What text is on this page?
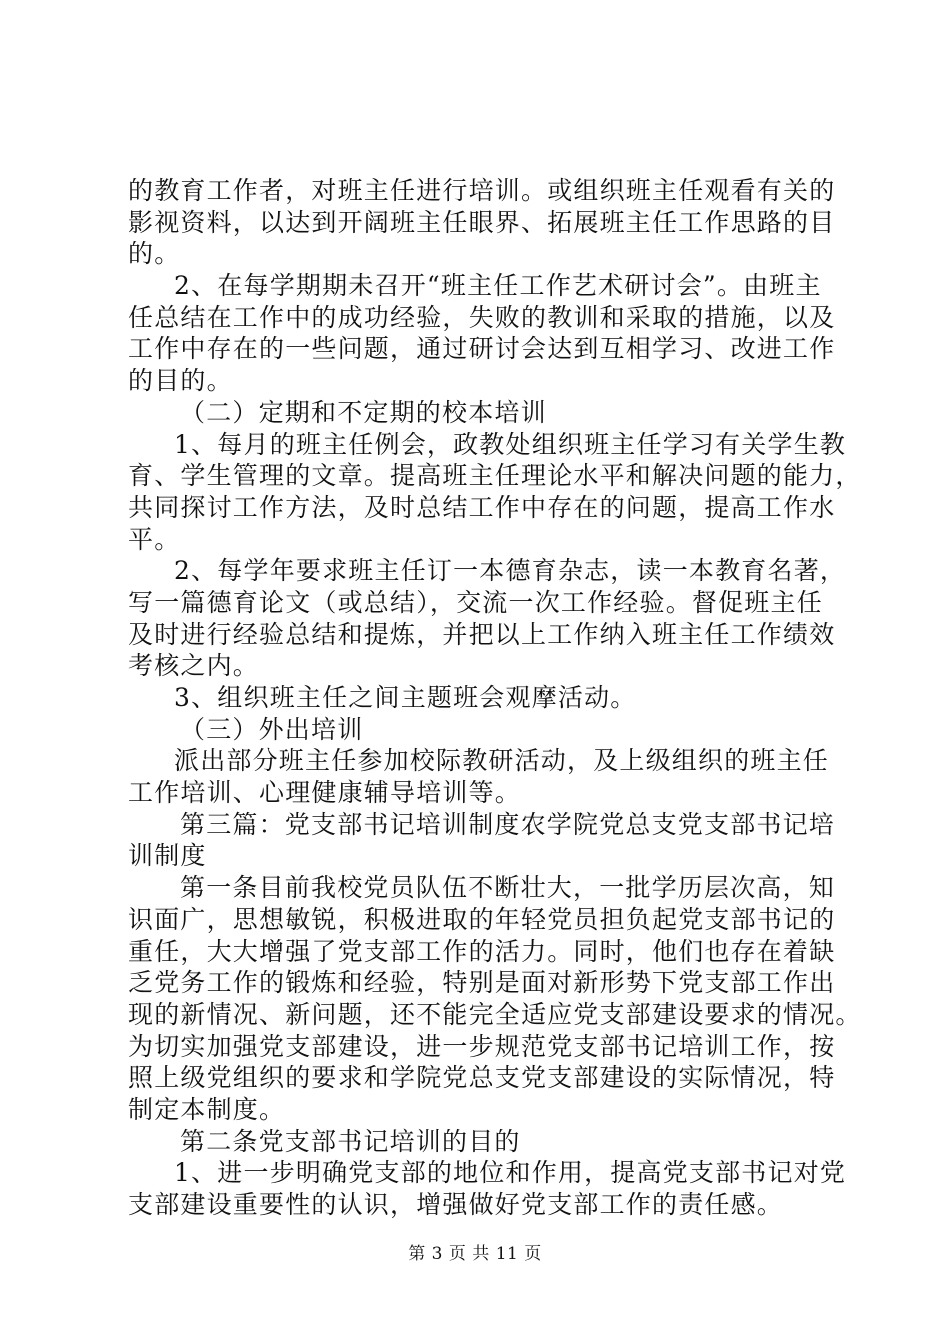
的教育工作者，对班主任进行培训。或组织班主任观看有关的
影视资料，以达到开阔班主任眼界、拓展班主任工作思路的目
的。
2、在每学期期未召开“班主任工作艺术研讨会”。由班主
任总结在工作中的成功经验，失败的教训和采取的措施，以及
工作中存在的一些问题，通过研讨会达到互相学习、改进工作
的目的。
（二）定期和不定期的校本培训
1、每月的班主任例会，政教处组织班主任学习有关学生教
育、学生管理的文章。提高班主任理论水平和解决问题的能力，
共同探讨工作方法，及时总结工作中存在的问题，提高工作水
平。
2、每学年要求班主任订一本德育杂志，读一本教育名著，
写一篇德育论文（或总结），交流一次工作经验。督促班主任
及时进行经验总结和提炼，并把以上工作纳入班主任工作绩效
考核之内。
3、组织班主任之间主题班会观摩活动。
（三）外出培训
派出部分班主任参加校际教研活动，及上级组织的班主任
工作培训、心理健康辅导培训等。
第三篇：党支部书记培训制度农学院党总支党支部书记培
训制度
第一条目前我校党员队伍不断壮大，一批学历层次高，知
识面广，思想敏锐，积极进取的年轻党员担负起党支部书记的
重任，大大增强了党支部工作的活力。同时，他们也存在着缺
乏党务工作的锻炼和经验，特别是面对新形势下党支部工作出
现的新情况、新问题，还不能完全适应党支部建设要求的情况。
为切实加强党支部建设，进一步规范党支部书记培训工作，按
照上级党组织的要求和学院党总支党支部建设的实际情况，特
制定本制度。
第二条党支部书记培训的目的
1、进一步明确党支部的地位和作用，提高党支部书记对党
支部建设重要性的认识，增强做好党支部工作的责任感。
第 3 页 共 11 页
